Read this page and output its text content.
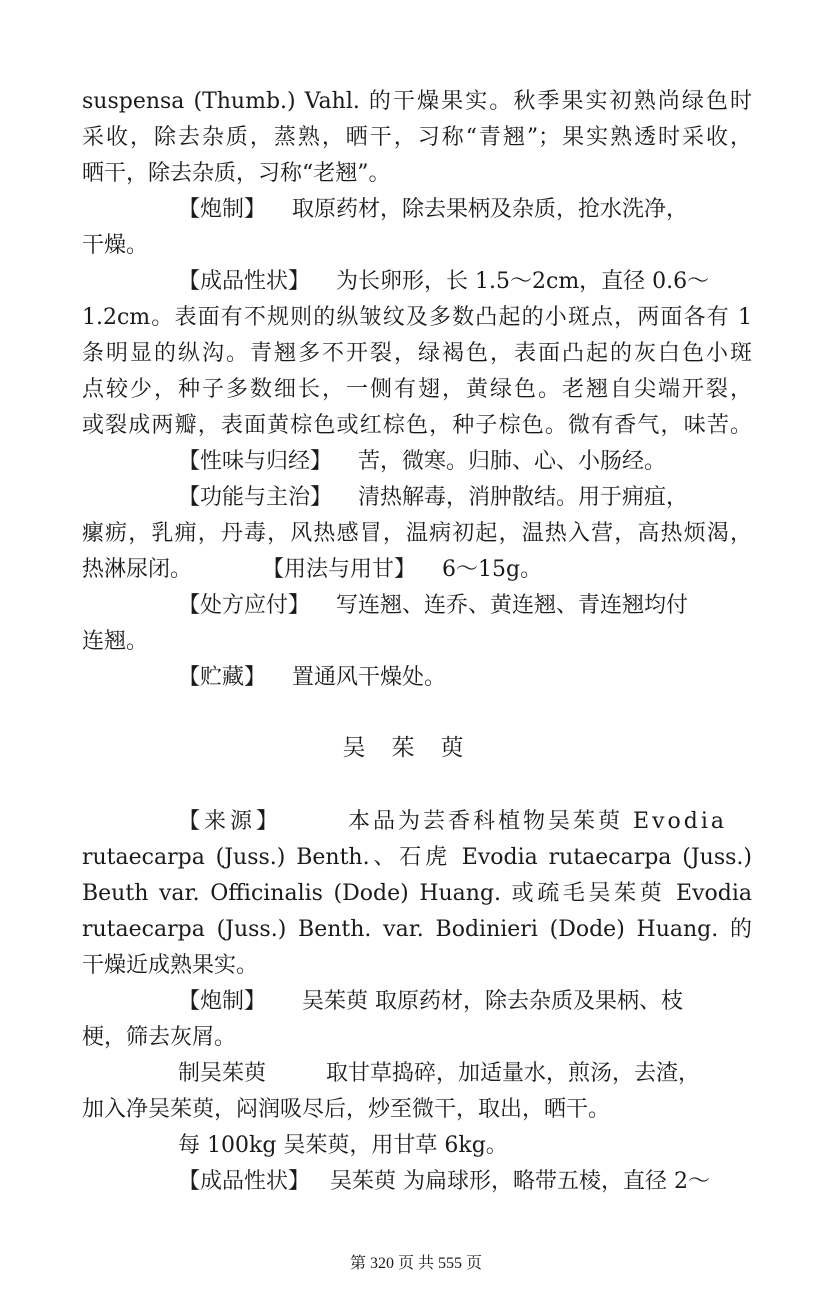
suspensa (Thumb.) Vahl. 的干燥果实。秋季果实初熟尚绿色时
采收，除去杂质，蒸熟，晒干，习称“青翘”；果实熟透时采收，
晒干，除去杂质，习称“老翘”。
【炮制】 取原药材，除去果柄及杂质，抢水洗净，
干燥。
【成品性状】 为长卵形，长 1.5～2cm，直径 0.6～
1.2cm。表面有不规则的纵皱纹及多数凸起的小斑点，两面各有 1
条明显的纵沟。青翘多不开裂，绿褐色，表面凸起的灰白色小斑
点较少，种子多数细长，一侧有翅，黄绿色。老翘自尖端开裂，
或裂成两瓣，表面黄棕色或红棕色，种子棕色。微有香气，味苦。
【性味与归经】 苦，微寒。归肺、心、小肠经。
【功能与主治】 清热解毒，消肿散结。用于痈疽，
瘰疬，乳痈，丹毒，风热感冒，温病初起，温热入营，高热烦渴，
热淋尿闭。	【用法与用甘】 6～15g。
【处方应付】 写连翘、连乔、黄连翘、青连翘均付
连翘。
【贮藏】 置通风干燥处。
吴茱萸
【来源】	本品为芸香科植物吴茱萸 Evodia
rutaecarpa (Juss.) Benth.、石虎 Evodia rutaecarpa (Juss.)
Beuth var. Officinalis (Dode) Huang. 或疏毛吴茱萸 Evodia
rutaecarpa (Juss.) Benth. var. Bodinieri (Dode) Huang. 的
干燥近成熟果实。
【炮制】 吴茱萸 取原药材，除去杂质及果柄、枝
梗，筛去灰屑。
制吴茱萸	取甘草捣碎，加适量水，煎汤，去渣，
加入净吴茱萸，闷润吸尽后，炒至微干，取出，晒干。
每 100kg 吴茱萸，用甘草 6kg。
【成品性状】 吴茱萸 为扁球形，略带五棱，直径 2～
第 320 页 共 555 页
